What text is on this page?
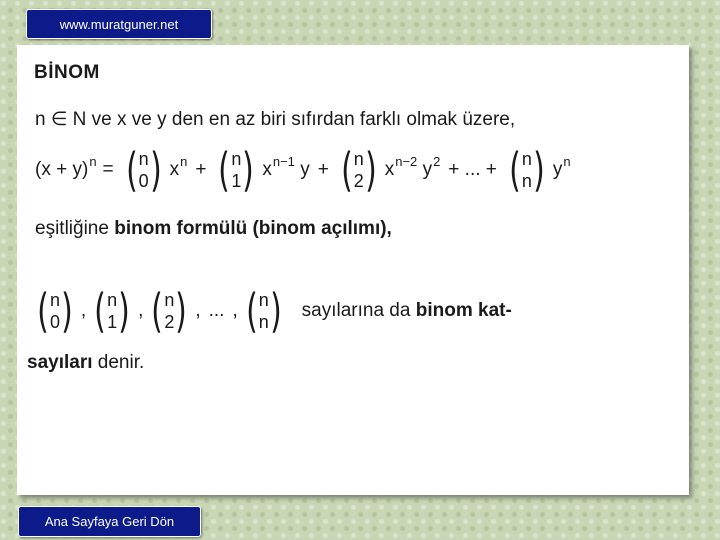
www.muratguner.net
BİNOM
n ∈ N ve x ve y den en az biri sıfırdan farklı olmak üzere,
$(x + y)^n$ = ( n
0 ) $x^n$ + ( n
1 ) $x^{n-1}$ y + ( n
2 ) $x^{n-2}$ $y^2$ + ... + ( n
n ) $y^n$
eşitliğine binom formülü (binom açılımı),
( n
0 ) , ( n
1 ) , ( n
2 ) , ... , ( n
n ) sayılarına da binom kat-
sayıları denir.
Ana Sayfaya Geri Dön
